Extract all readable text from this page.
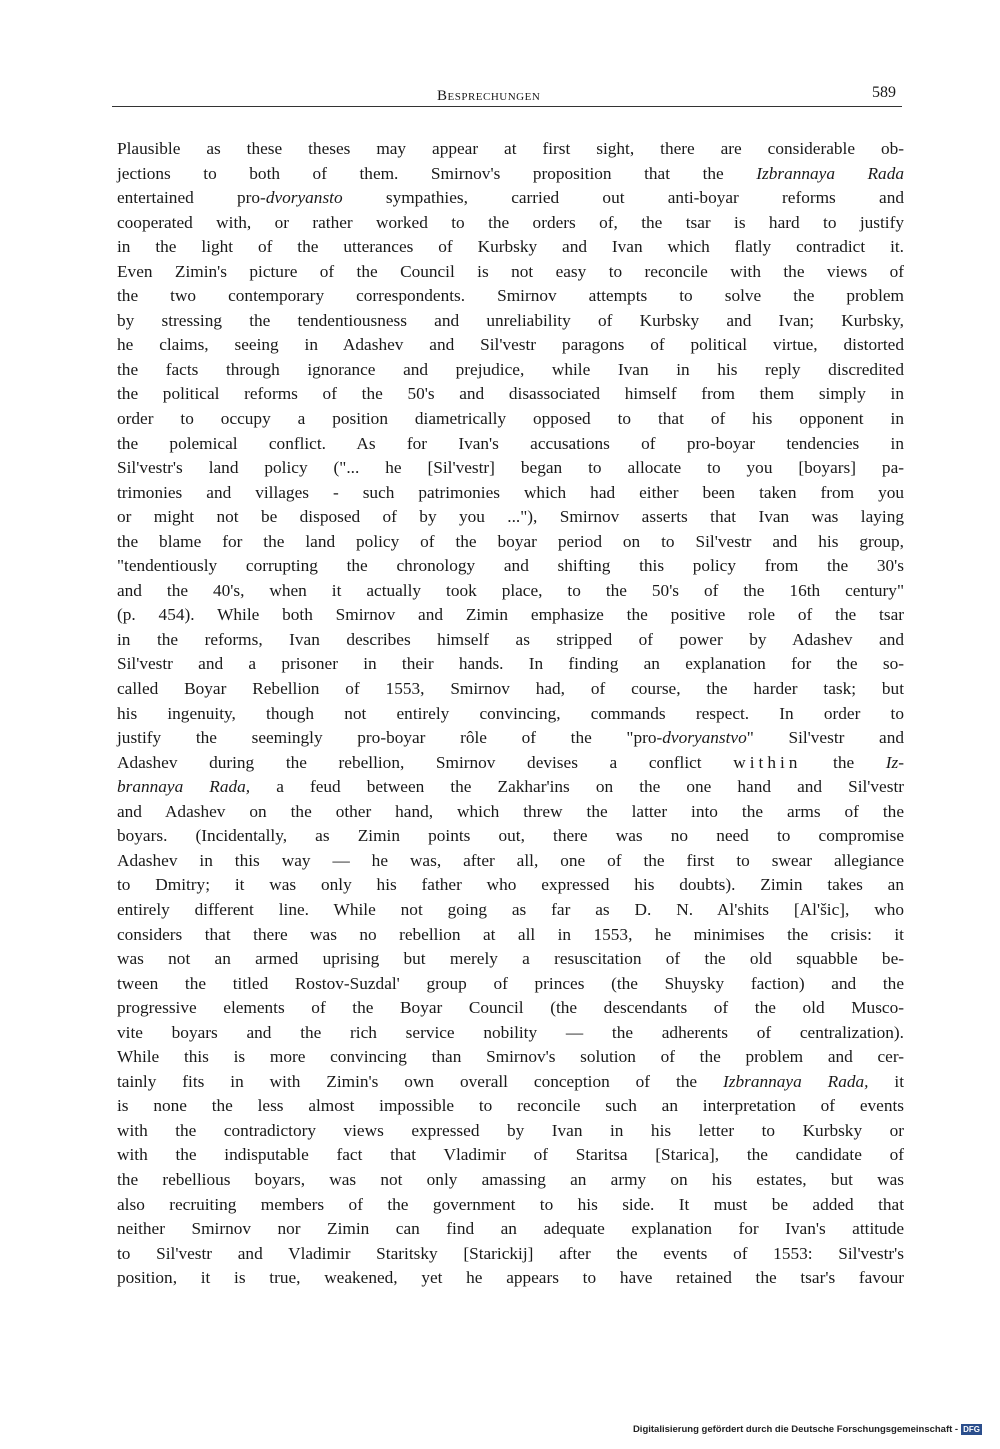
Besprechungen	589
Plausible as these theses may appear at first sight, there are considerable ob-
jections to both of them. Smirnov's proposition that the Izbrannaya Rada
entertained pro-dvoryansto sympathies, carried out anti-boyar reforms and
cooperated with, or rather worked to the orders of, the tsar is hard to justify
in the light of the utterances of Kurbsky and Ivan which flatly contradict it.
Even Zimin's picture of the Council is not easy to reconcile with the views of
the two contemporary correspondents. Smirnov attempts to solve the problem
by stressing the tendentiousness and unreliability of Kurbsky and Ivan; Kurbsky,
he claims, seeing in Adashev and Sil'vestr paragons of political virtue, distorted
the facts through ignorance and prejudice, while Ivan in his reply discredited
the political reforms of the 50's and disassociated himself from them simply in
order to occupy a position diametrically opposed to that of his opponent in
the polemical conflict. As for Ivan's accusations of pro-boyar tendencies in
Sil'vestr's land policy ("... he [Sil'vestr] began to allocate to you [boyars] pa-
trimonies and villages - such patrimonies which had either been taken from you
or might not be disposed of by you ..."), Smirnov asserts that Ivan was laying
the blame for the land policy of the boyar period on to Sil'vestr and his group,
"tendentiously corrupting the chronology and shifting this policy from the 30's
and the 40's, when it actually took place, to the 50's of the 16th century"
(p. 454). While both Smirnov and Zimin emphasize the positive role of the tsar
in the reforms, Ivan describes himself as stripped of power by Adashev and
Sil'vestr and a prisoner in their hands. In finding an explanation for the so-
called Boyar Rebellion of 1553, Smirnov had, of course, the harder task; but
his ingenuity, though not entirely convincing, commands respect. In order to
justify the seemingly pro-boyar rôle of the "pro-dvoryanstvo" Sil'vestr and
Adashev during the rebellion, Smirnov devises a conflict within the Iz-
brannaya Rada, a feud between the Zakhar'ins on the one hand and Sil'vestr
and Adashev on the other hand, which threw the latter into the arms of the
boyars. (Incidentally, as Zimin points out, there was no need to compromise
Adashev in this way — he was, after all, one of the first to swear allegiance
to Dmitry; it was only his father who expressed his doubts). Zimin takes an
entirely different line. While not going as far as D. N. Al'shits [Al'šic], who
considers that there was no rebellion at all in 1553, he minimises the crisis: it
was not an armed uprising but merely a resuscitation of the old squabble be-
tween the titled Rostov-Suzdal' group of princes (the Shuysky faction) and the
progressive elements of the Boyar Council (the descendants of the old Musco-
vite boyars and the rich service nobility — the adherents of centralization).
While this is more convincing than Smirnov's solution of the problem and cer-
tainly fits in with Zimin's own overall conception of the Izbrannaya Rada, it
is none the less almost impossible to reconcile such an interpretation of events
with the contradictory views expressed by Ivan in his letter to Kurbsky or
with the indisputable fact that Vladimir of Staritsa [Starica], the candidate of
the rebellious boyars, was not only amassing an army on his estates, but was
also recruiting members of the government to his side. It must be added that
neither Smirnov nor Zimin can find an adequate explanation for Ivan's attitude
to Sil'vestr and Vladimir Staritsky [Starickij] after the events of 1553: Sil'vestr's
position, it is true, weakened, yet he appears to have retained the tsar's favour
Digitalisierung gefördert durch die Deutsche Forschungsgemeinschaft - DFG
